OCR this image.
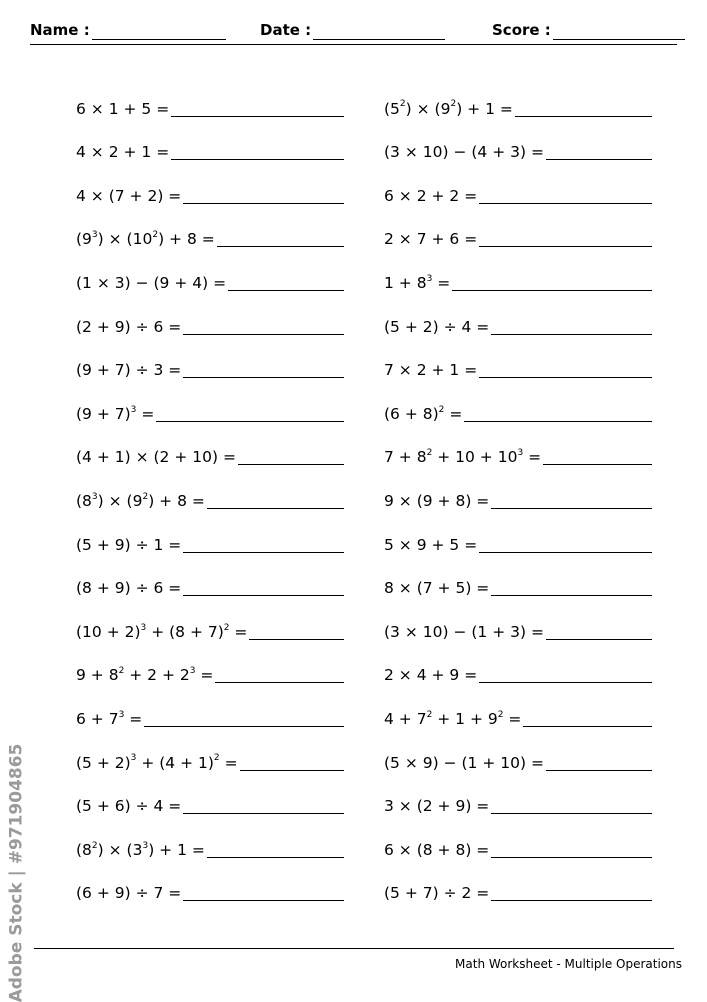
Name :	Date :	Score :
6 × 1 + 5 =
4 × 2 + 1 =
4 × (7 + 2) =
$(9^3) \times (10^2) + 8$ =
(1 × 3) − (9 + 4) =
(2 + 9) ÷ 6 =
(9 + 7) ÷ 3 =
$(9 + 7)^3$ =
(4 + 1) × (2 + 10) =
$(8^3) \times (9^2) + 8$ =
(5 + 9) ÷ 1 =
(8 + 9) ÷ 6 =
$(10 + 2)^3 + (8 + 7)^2$ =
$9 + 8^2 + 2 + 2^3$ =
$6 + 7^3$ =
$(5 + 2)^3 + (4 + 1)^2$ =
(5 + 6) ÷ 4 =
$(8^2) \times (3^3) + 1$ =
(6 + 9) ÷ 7 =
$(5^2) \times (9^2) + 1$ =
(3 × 10) − (4 + 3) =
6 × 2 + 2 =
2 × 7 + 6 =
$1 + 8^3$ =
(5 + 2) ÷ 4 =
7 × 2 + 1 =
$(6 + 8)^2$ =
$7 + 8^2 + 10 + 10^3$ =
9 × (9 + 8) =
5 × 9 + 5 =
8 × (7 + 5) =
(3 × 10) − (1 + 3) =
2 × 4 + 9 =
$4 + 7^2 + 1 + 9^2$ =
(5 × 9) − (1 + 10) =
3 × (2 + 9) =
6 × (8 + 8) =
(5 + 7) ÷ 2 =
Math Worksheet - Multiple Operations
Adobe Stock | #971904865
